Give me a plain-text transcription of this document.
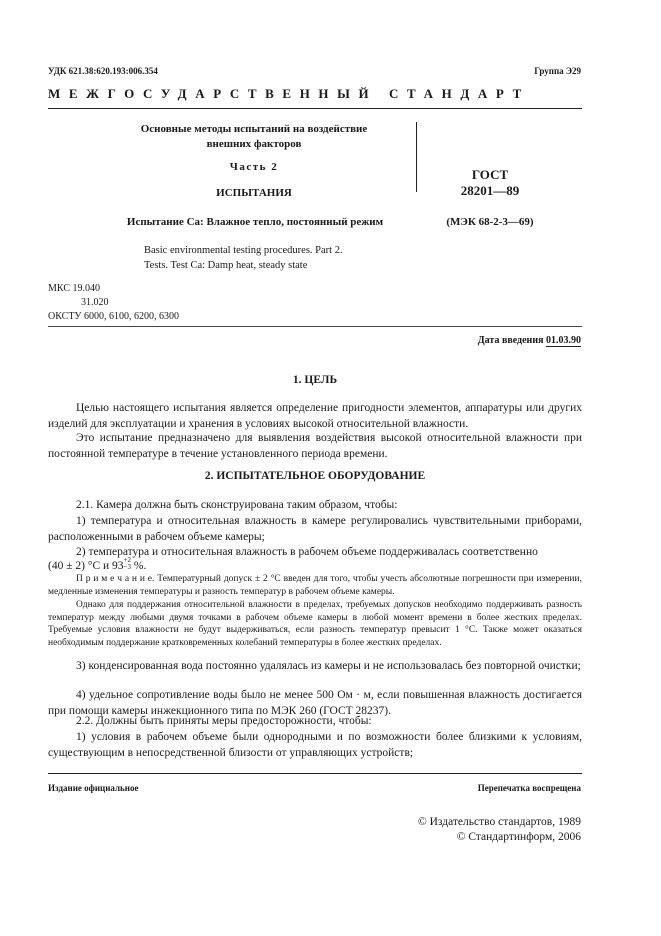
УДК 621.38:620.193:006.354	Группа Э29
МЕЖГОСУДАРСТВЕННЫЙ СТАНДАРТ
Основные методы испытаний на воздействие
внешних факторов
Часть 2
ИСПЫТАНИЯ
Испытание Са: Влажное тепло, постоянный режим
Basic environmental testing procedures. Part 2.
Tests. Test Ca: Damp heat, steady state
ГОСТ
28201—89
(МЭК 68-2-3—69)
МКС 19.040
31.020
ОКСТУ 6000, 6100, 6200, 6300
Дата введения 01.03.90
1. ЦЕЛЬ

Целью настоящего испытания является определение пригодности элементов, аппаратуры или других изделий для эксплуатации и хранения в условиях высокой относительной влажности.

Это испытание предназначено для выявления воздействия высокой относительной влажности при постоянной температуре в течение установленного периода времени.

2. ИСПЫТАТЕЛЬНОЕ ОБОРУДОВАНИЕ

2.1. Камера должна быть сконструирована таким образом, чтобы:

1) температура и относительная влажность в камере регулировались чувствительными приборами, расположенными в рабочем объеме камеры;

2) температура и относительная влажность в рабочем объеме поддерживалась соответственно

(40 ± 2) °С и 93 +2
−3 %.

П р и м е ч а н и е. Температурный допуск ± 2 °С введен для того, чтобы учесть абсолютные погрешности при измерении, медленные изменения температуры и разность температур в рабочем объеме камеры.

Однако для поддержания относительной влажности в пределах, требуемых допусков необходимо поддерживать разность температур между любыми двумя точками в рабочем объеме камеры в любой момент времени в более жестких пределах. Требуемые условия влажности не будут выдерживаться, если разность температур превысит 1 °С. Также может оказаться необходимым поддержание кратковременных колебаний температуры в более жестких пределах.

3) конденсированная вода постоянно удалялась из камеры и не использовалась без повторной очистки;

4) удельное сопротивление воды было не менее 500 Ом · м, если повышенная влажность достигается при помощи камеры инжекционного типа по МЭК 260 (ГОСТ 28237).

2.2. Должны быть приняты меры предосторожности, чтобы:

1) условия в рабочем объеме были однородными и по возможности более близкими к условиям, существующим в непосредственной близости от управляющих устройств;

Издание официальное	Перепечатка воспрещена
© Издательство стандартов, 1989
© Стандартинформ, 2006
